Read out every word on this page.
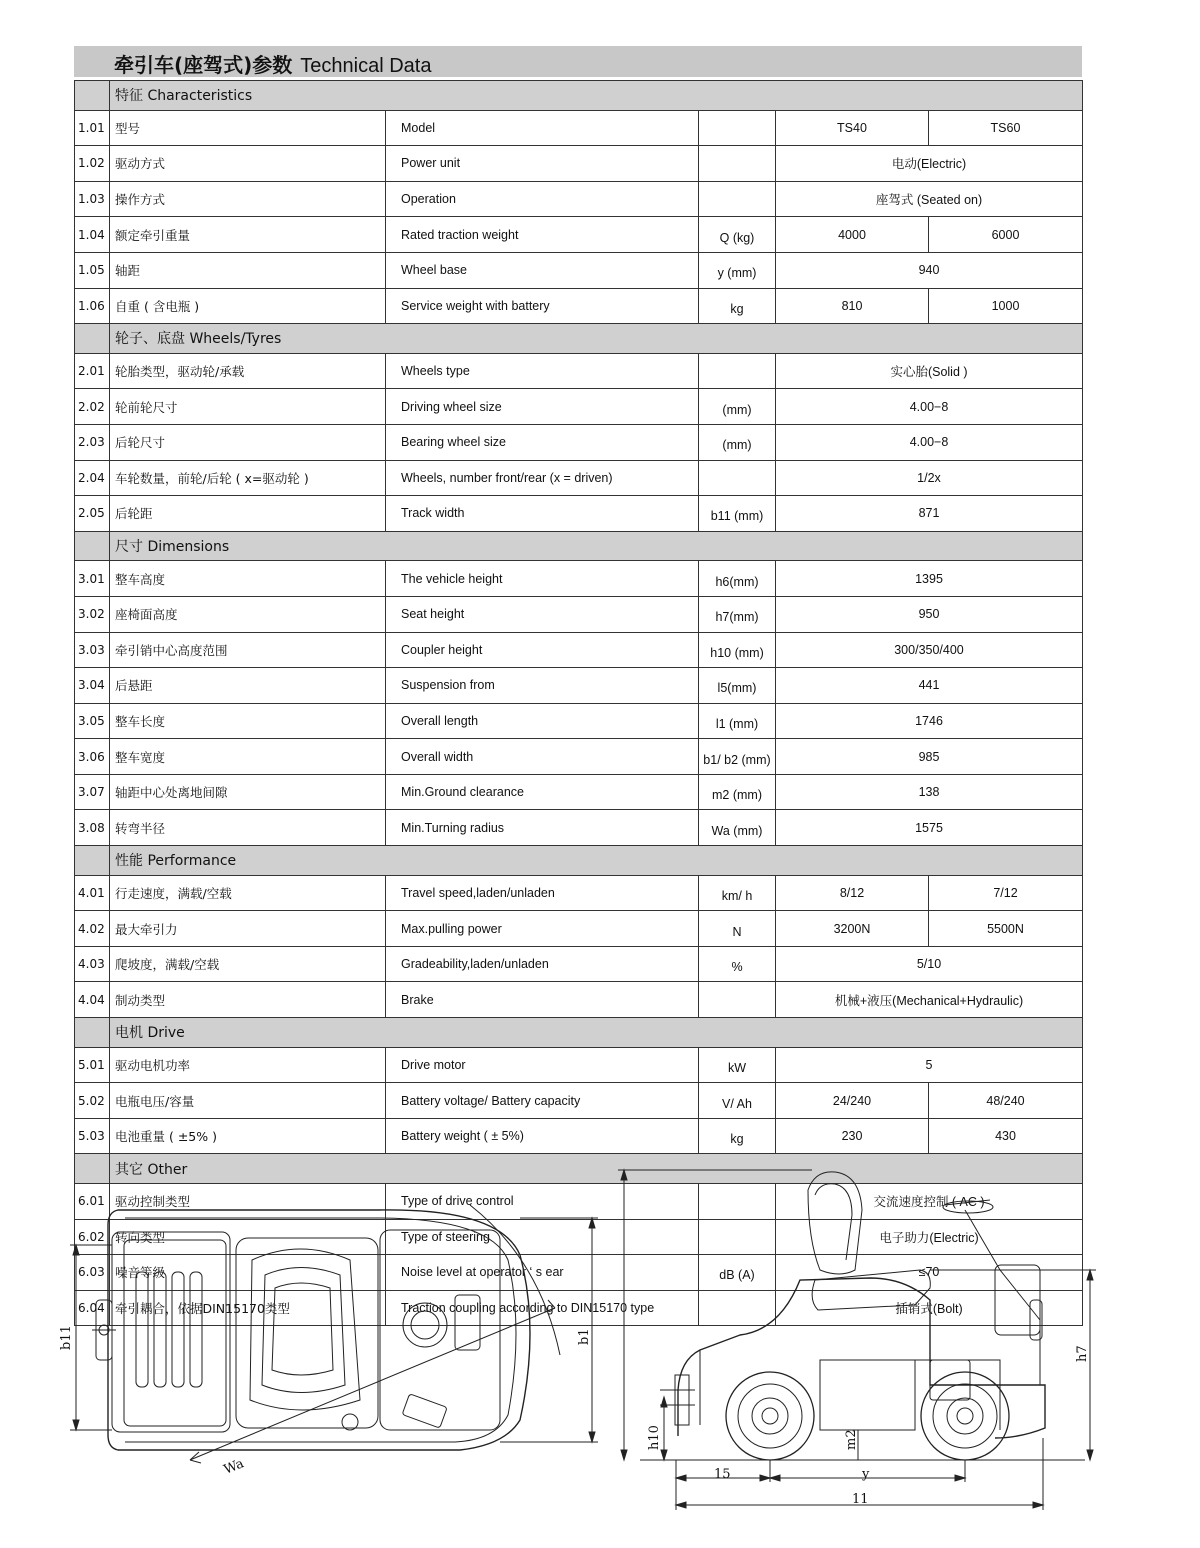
牵引车(座驾式)参数 Technical Data
	特征 Characteristics				
1.01	型号	Model		TS40	TS60
1.02	驱动方式	Power unit		电动(Electric)	
1.03	操作方式	Operation		座驾式 (Seated on)	
1.04	额定牵引重量	Rated traction weight	Q (kg)	4000	6000
1.05	轴距	Wheel base	y (mm)	940	
1.06	自重 ( 含电瓶 )	Service weight with battery	kg	810	1000
	轮子、底盘 Wheels/Tyres				
2.01	轮胎类型，驱动轮/承载	Wheels type		实心胎(Solid )	
2.02	轮前轮尺寸	Driving wheel size	(mm)	4.00−8	
2.03	后轮尺寸	Bearing wheel size	(mm)	4.00−8	
2.04	车轮数量，前轮/后轮 ( x=驱动轮 )	Wheels, number front/rear (x = driven)		1/2x	
2.05	后轮距	Track width	b11 (mm)	871	
	尺寸 Dimensions				
3.01	整车高度	The vehicle height	h6(mm)	1395	
3.02	座椅面高度	Seat height	h7(mm)	950	
3.03	牵引销中心高度范围	Coupler height	h10 (mm)	300/350/400	
3.04	后悬距	Suspension from	l5(mm)	441	
3.05	整车长度	Overall length	l1 (mm)	1746	
3.06	整车宽度	Overall width	b1/ b2 (mm)	985	
3.07	轴距中心处离地间隙	Min.Ground clearance	m2 (mm)	138	
3.08	转弯半径	Min.Turning radius	Wa (mm)	1575	
	性能 Performance				
4.01	行走速度，满载/空载	Travel speed,laden/unladen	km/ h	8/12	7/12
4.02	最大牵引力	Max.pulling power	N	3200N	5500N
4.03	爬坡度，满载/空载	Gradeability,laden/unladen	%	5/10	
4.04	制动类型	Brake		机械+液压(Mechanical+Hydraulic)	
	电机 Drive				
5.01	驱动电机功率	Drive motor	kW	5	
5.02	电瓶电压/容量	Battery voltage/ Battery capacity	V/ Ah	24/240	48/240
5.03	电池重量 ( ±5% )	Battery weight ( ± 5%)	kg	230	430
	其它 Other				
6.01	驱动控制类型	Type of drive control		交流速度控制 ( AC )	
6.02	转向类型	Type of steering		电子助力(Electric)	
6.03	噪音等级	Noise level at operator ‘ s ear	dB (A)	≤70	
6.04	牵引耦合，依据DIN15170类型	Traction coupling according to DIN15170 type		插销式(Bolt)	
b11	b1
Wa
h7
h10	m2
15	y
11
